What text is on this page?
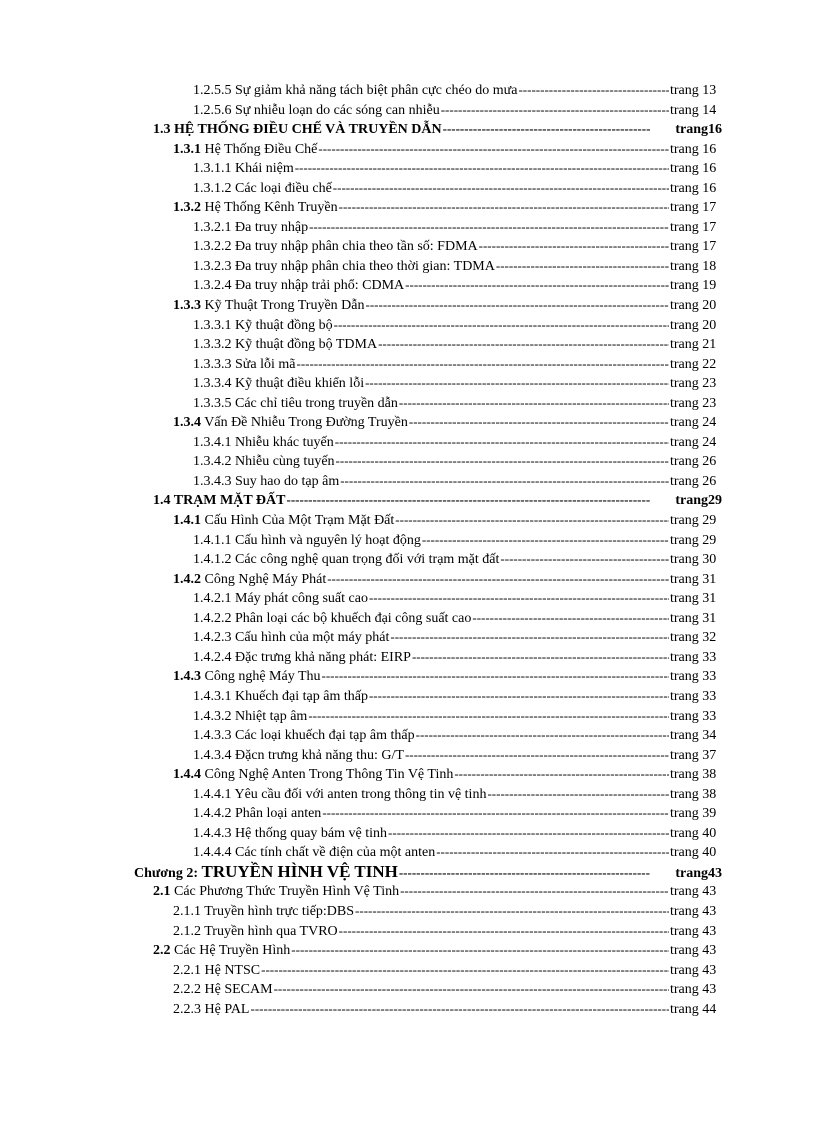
1.2.5.5 Sự giảm khả năng tách biệt phân cực chéo do mưa -----	trang 13
1.2.5.6 Sự nhiễu loạn do các sóng can nhiễu -----	trang 14
1.3 HỆ THỐNG ĐIỀU CHẾ VÀ TRUYỀN DẪN -----	trang16
1.3.1 Hệ Thống Điều Chế -----	trang 16
1.3.1.1 Khái niệm -----	trang 16
1.3.1.2 Các loại điều chế -----	trang 16
1.3.2 Hệ Thống Kênh Truyền -----	trang 17
1.3.2.1 Đa truy nhập -----	trang 17
1.3.2.2 Đa truy nhập phân chia theo tần số: FDMA -----	trang 17
1.3.2.3 Đa truy nhập phân chia theo thời gian: TDMA -----	trang 18
1.3.2.4 Đa truy nhập trải phổ: CDMA -----	trang 19
1.3.3 Kỹ Thuật Trong Truyền Dẫn -----	trang 20
1.3.3.1 Kỹ thuật đồng bộ -----	trang 20
1.3.3.2 Kỹ thuật đồng bộ TDMA -----	trang 21
1.3.3.3 Sửa lỗi mã -----	trang 22
1.3.3.4 Kỹ thuật điều khiển lỗi -----	trang 23
1.3.3.5 Các chỉ tiêu trong truyền dẫn -----	trang 23
1.3.4 Vấn Đề Nhiễu Trong Đường Truyền -----	trang 24
1.3.4.1 Nhiễu khác tuyến -----	trang 24
1.3.4.2 Nhiễu cùng tuyến -----	trang 26
1.3.4.3 Suy hao do tạp âm -----	trang 26
1.4 TRẠM MẶT ĐẤT -----	trang29
1.4.1 Cấu Hình Của Một Trạm Mặt Đất -----	trang 29
1.4.1.1 Cấu hình và nguyên lý hoạt động -----	trang 29
1.4.1.2 Các công nghệ quan trọng đối với trạm mặt đất -----	trang 30
1.4.2 Công Nghệ Máy Phát -----	trang 31
1.4.2.1 Máy phát công suất cao -----	trang 31
1.4.2.2 Phân loại các bộ khuếch đại công suất cao -----	trang 31
1.4.2.3 Cấu hình của một máy phát -----	trang 32
1.4.2.4 Đặc trưng khả năng phát: EIRP -----	trang 33
1.4.3 Công nghệ Máy Thu -----	trang 33
1.4.3.1 Khuếch đại tạp âm thấp -----	trang 33
1.4.3.2 Nhiệt tạp âm -----	trang 33
1.4.3.3 Các loại khuếch đại tạp âm thấp -----	trang 34
1.4.3.4 Đặcn trưng khả năng thu: G/T -----	trang 37
1.4.4 Công Nghệ Anten Trong Thông Tin Vệ Tinh -----	trang 38
1.4.4.1 Yêu cầu đối với anten trong thông tin vệ tinh -----	trang 38
1.4.4.2 Phân loại anten -----	trang 39
1.4.4.3 Hệ thống quay bám vệ tinh -----	trang 40
1.4.4.4 Các tính chất về điện của một anten -----	trang 40
Chương 2: TRUYỀN HÌNH VỆ TINH -----	trang43
2.1 Các Phương Thức Truyền Hình Vệ Tinh -----	trang 43
2.1.1 Truyền hình trực tiếp:DBS -----	trang 43
2.1.2 Truyền hình qua TVRO -----	trang 43
2.2 Các Hệ Truyền Hình -----	trang 43
2.2.1 Hệ NTSC -----	trang 43
2.2.2 Hệ SECAM -----	trang 43
2.2.3 Hệ PAL -----	trang 44
